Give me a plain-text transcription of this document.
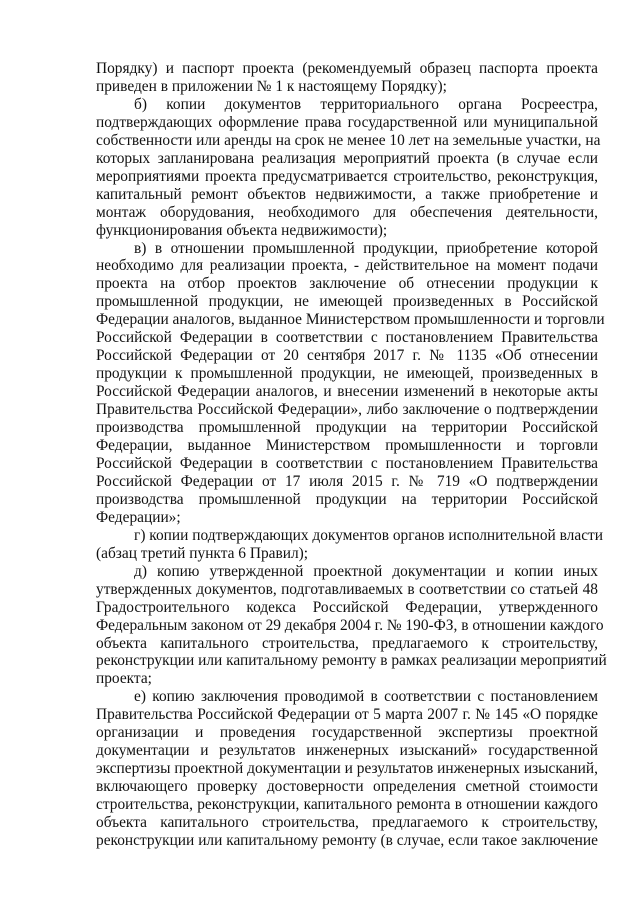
Порядку) и паспорт проекта (рекомендуемый образец паспорта проекта
приведен в приложении № 1 к настоящему Порядку);
б) копии документов территориального органа Росреестра,
подтверждающих оформление права государственной или муниципальной
собственности или аренды на срок не менее 10 лет на земельные участки, на
которых запланирована реализация мероприятий проекта (в случае если
мероприятиями проекта предусматривается строительство, реконструкция,
капитальный ремонт объектов недвижимости, а также приобретение и
монтаж оборудования, необходимого для обеспечения деятельности,
функционирования объекта недвижимости);
в) в отношении промышленной продукции, приобретение которой
необходимо для реализации проекта, - действительное на момент подачи
проекта на отбор проектов заключение об отнесении продукции к
промышленной продукции, не имеющей произведенных в Российской
Федерации аналогов, выданное Министерством промышленности и торговли
Российской Федерации в соответствии с постановлением Правительства
Российской Федерации от 20 сентября 2017 г. № 1135 «Об отнесении
продукции к промышленной продукции, не имеющей, произведенных в
Российской Федерации аналогов, и внесении изменений в некоторые акты
Правительства Российской Федерации», либо заключение о подтверждении
производства промышленной продукции на территории Российской
Федерации, выданное Министерством промышленности и торговли
Российской Федерации в соответствии с постановлением Правительства
Российской Федерации от 17 июля 2015 г. № 719 «О подтверждении
производства промышленной продукции на территории Российской
Федерации»;
г) копии подтверждающих документов органов исполнительной власти
(абзац третий пункта 6 Правил);
д) копию утвержденной проектной документации и копии иных
утвержденных документов, подготавливаемых в соответствии со статьей 48
Градостроительного кодекса Российской Федерации, утвержденного
Федеральным законом от 29 декабря 2004 г. № 190-ФЗ, в отношении каждого
объекта капитального строительства, предлагаемого к строительству,
реконструкции или капитальному ремонту в рамках реализации мероприятий
проекта;
е) копию заключения проводимой в соответствии с постановлением
Правительства Российской Федерации от 5 марта 2007 г. № 145 «О порядке
организации и проведения государственной экспертизы проектной
документации и результатов инженерных изысканий» государственной
экспертизы проектной документации и результатов инженерных изысканий,
включающего проверку достоверности определения сметной стоимости
строительства, реконструкции, капитального ремонта в отношении каждого
объекта капитального строительства, предлагаемого к строительству,
реконструкции или капитальному ремонту (в случае, если такое заключение
